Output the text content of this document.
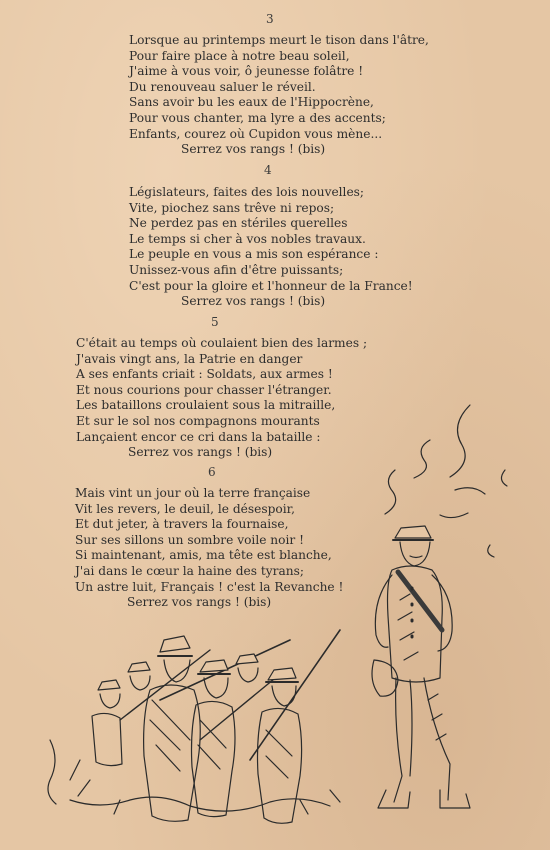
3
Lorsque au printemps meurt le tison dans l'âtre,
Pour faire place à notre beau soleil,
J'aime à vous voir, ô jeunesse folâtre !
Du renouveau saluer le réveil.
Sans avoir bu les eaux de l'Hippocrène,
Pour vous chanter, ma lyre a des accents;
Enfants, courez où Cupidon vous mène...
Serrez vos rangs ! (bis)
4
Législateurs, faites des lois nouvelles;
Vite, piochez sans trêve ni repos;
Ne perdez pas en stériles querelles
Le temps si cher à vos nobles travaux.
Le peuple en vous a mis son espérance :
Unissez-vous afin d'être puissants;
C'est pour la gloire et l'honneur de la France!
Serrez vos rangs ! (bis)
5
C'était au temps où coulaient bien des larmes ;
J'avais vingt ans, la Patrie en danger
A ses enfants criait : Soldats, aux armes !
Et nous courions pour chasser l'étranger.
Les bataillons croulaient sous la mitraille,
Et sur le sol nos compagnons mourants
Lançaient encor ce cri dans la bataille :
Serrez vos rangs ! (bis)
6
Mais vint un jour où la terre française
Vit les revers, le deuil, le désespoir,
Et dut jeter, à travers la fournaise,
Sur ses sillons un sombre voile noir !
Si maintenant, amis, ma tête est blanche,
J'ai dans le cœur la haine des tyrans;
Un astre luit, Français ! c'est la Revanche !
Serrez vos rangs ! (bis)
